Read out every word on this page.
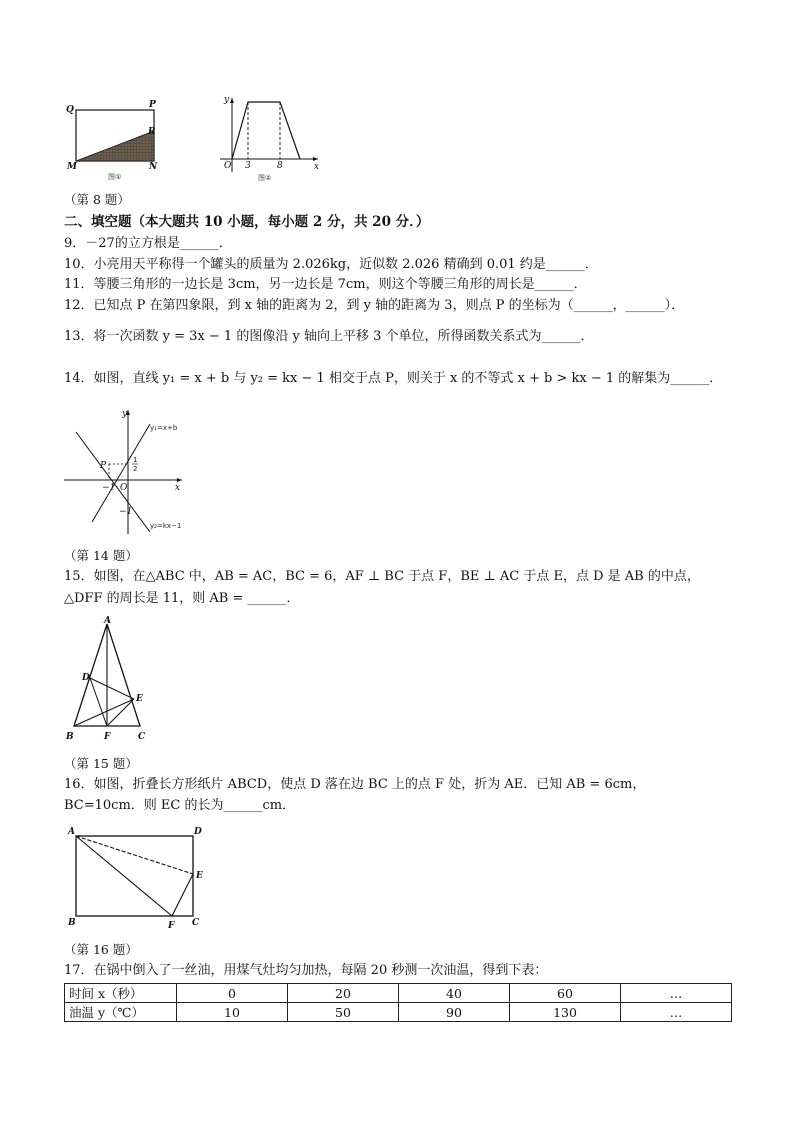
Q	P
R
M	N
图①
y
x
O 3	8
图②
（第 8 题）
二、填空题（本大题共 10 小题，每小题 2 分，共 20 分．）
9．－27的立方根是______．
10．小亮用天平称得一个罐头的质量为 2.026kg，近似数 2.026 精确到 0.01 约是______．
11．等腰三角形的一边长是 3cm，另一边长是 7cm，则这个等腰三角形的周长是______．
12．已知点 P 在第四象限，到 x 轴的距离为 2，到 y 轴的距离为 3，则点 P 的坐标为（______，______）．
13．将一次函数 y = 3x − 1 的图像沿 y 轴向上平移 3 个单位，所得函数关系式为______．
14．如图，直线 y₁ = x + b 与 y₂ = kx − 1 相交于点 P，则关于 x 的不等式 x + b > kx − 1 的解集为______．
y
x
P
O
−1
−1
1
2
y₁=x+b
y₂=kx−1
（第 14 题）
15．如图，在△ABC 中，AB = AC，BC = 6，AF ⊥ BC 于点 F，BE ⊥ AC 于点 E，点 D 是 AB 的中点，
△DFF 的周长是 11，则 AB = ______．
A
B	C
D
E
F
（第 15 题）
16．如图，折叠长方形纸片 ABCD，使点 D 落在边 BC 上的点 F 处，折为 AE．已知 AB = 6cm，
BC=10cm．则 EC 的长为______cm．
A	D
E
B	F C
（第 16 题）
17．在锅中倒入了一丝油，用煤气灶均匀加热，每隔 20 秒测一次油温，得到下表：
时间 x（秒）	0	20	40	60	…
油温 y（℃）	10	50	90	130	…
